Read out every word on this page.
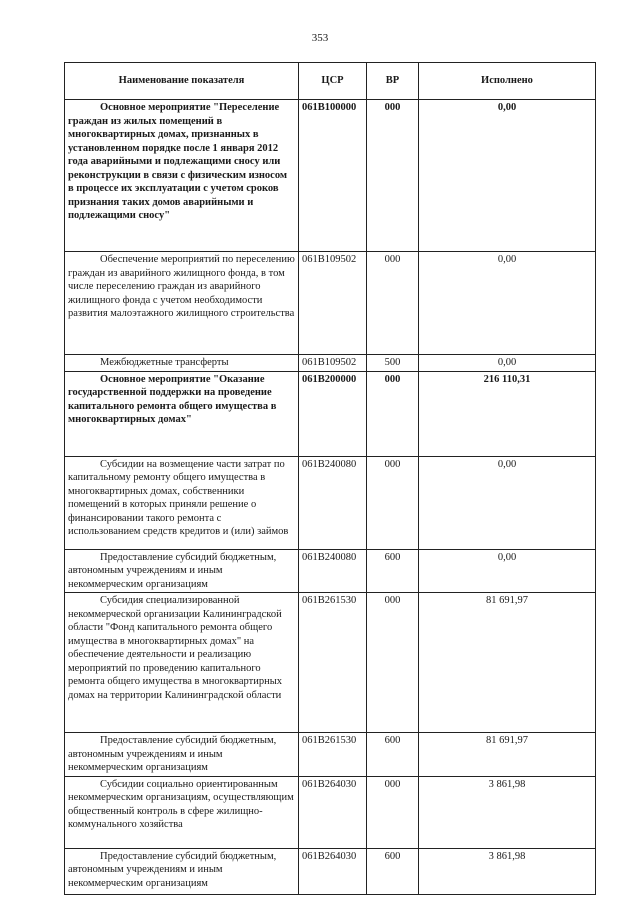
353
Наименование показателя	ЦСР	ВР	Исполнено
Основное мероприятие "Переселение граждан из жилых помещений в многоквартирных домах, признанных в установленном порядке после 1 января 2012 года аварийными и подлежащими сносу или реконструкции в связи с физическим износом в процессе их эксплуатации с учетом сроков признания таких домов аварийными и подлежащими сносу"	061B100000	000	0,00
Обеспечение мероприятий по переселению граждан из аварийного жилищного фонда, в том числе переселению граждан из аварийного жилищного фонда с учетом необходимости развития малоэтажного жилищного строительства	061B109502	000	0,00
Межбюджетные трансферты	061B109502	500	0,00
Основное мероприятие "Оказание государственной поддержки на проведение капитального ремонта общего имущества в многоквартирных домах"	061B200000	000	216 110,31
Субсидии на возмещение части затрат по капитальному ремонту общего имущества в многоквартирных домах, собственники помещений в которых приняли решение о финансировании такого ремонта с использованием средств кредитов и (или) займов	061B240080	000	0,00
Предоставление субсидий бюджетным, автономным учреждениям и иным некоммерческим организациям	061B240080	600	0,00
Субсидия специализированной некоммерческой организации Калининградской области "Фонд капитального ремонта общего имущества в многоквартирных домах" на обеспечение деятельности и реализацию мероприятий по проведению капитального ремонта общего имущества в многоквартирных домах на территории Калининградской области	061B261530	000	81 691,97
Предоставление субсидий бюджетным, автономным учреждениям и иным некоммерческим организациям	061B261530	600	81 691,97
Субсидии социально ориентированным некоммерческим организациям, осуществляющим общественный контроль в сфере жилищно-коммунального хозяйства	061B264030	000	3 861,98
Предоставление субсидий бюджетным, автономным учреждениям и иным некоммерческим организациям	061B264030	600	3 861,98
